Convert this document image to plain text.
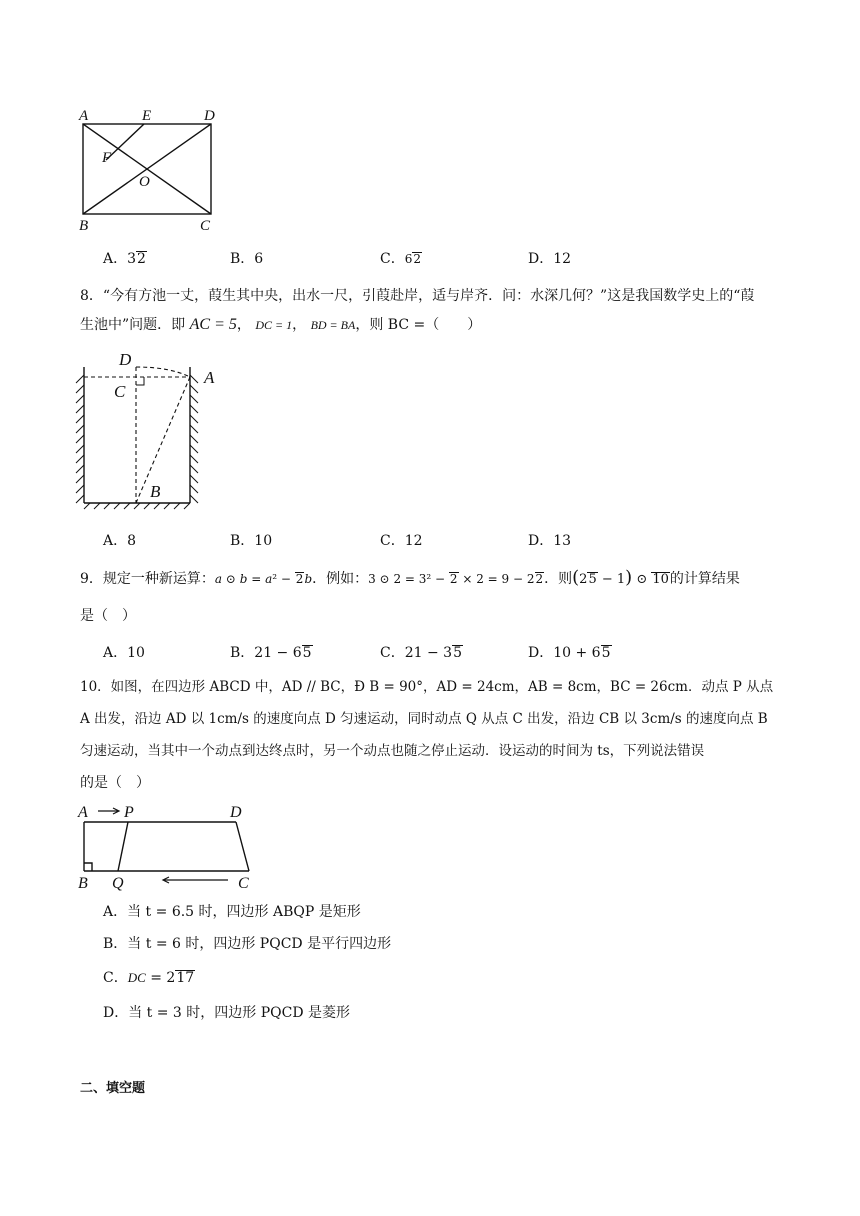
A	E	D
F
O
B	C
A．32	B．6	C．62	D．12
8．“今有方池一丈，葭生其中央，出水一尺，引葭赴岸，适与岸齐．问：水深几何？”这是我国数学史上的“葭
生池中”问题．即 AC = 5， DC = 1， BD = BA，则 BC =（　　）
D
C
A
B
A．8	B．10	C．12	D．13
9．规定一种新运算：a ⊙ b = a² − 2b．例如：3 ⊙ 2 = 3² − 2 × 2 = 9 − 22．则(25 − 1) ⊙ 10的计算结果
是（　）
A．10	B．21 − 65	C．21 − 35	D．10 + 65
10．如图，在四边形 ABCD 中，AD // BC，Ð B = 90°，AD = 24cm，AB = 8cm，BC = 26cm．动点 P 从点
A 出发，沿边 AD 以 1cm/s 的速度向点 D 匀速运动，同时动点 Q 从点 C 出发，沿边 CB 以 3cm/s 的速度向点 B
匀速运动，当其中一个动点到达终点时，另一个动点也随之停止运动．设运动的时间为 ts，下列说法错误
的是（　）
A P	D
B Q	C
A．当 t = 6.5 时，四边形 ABQP 是矩形
B．当 t = 6 时，四边形 PQCD 是平行四边形
C．DC = 217
D．当 t = 3 时，四边形 PQCD 是菱形
二、填空题
